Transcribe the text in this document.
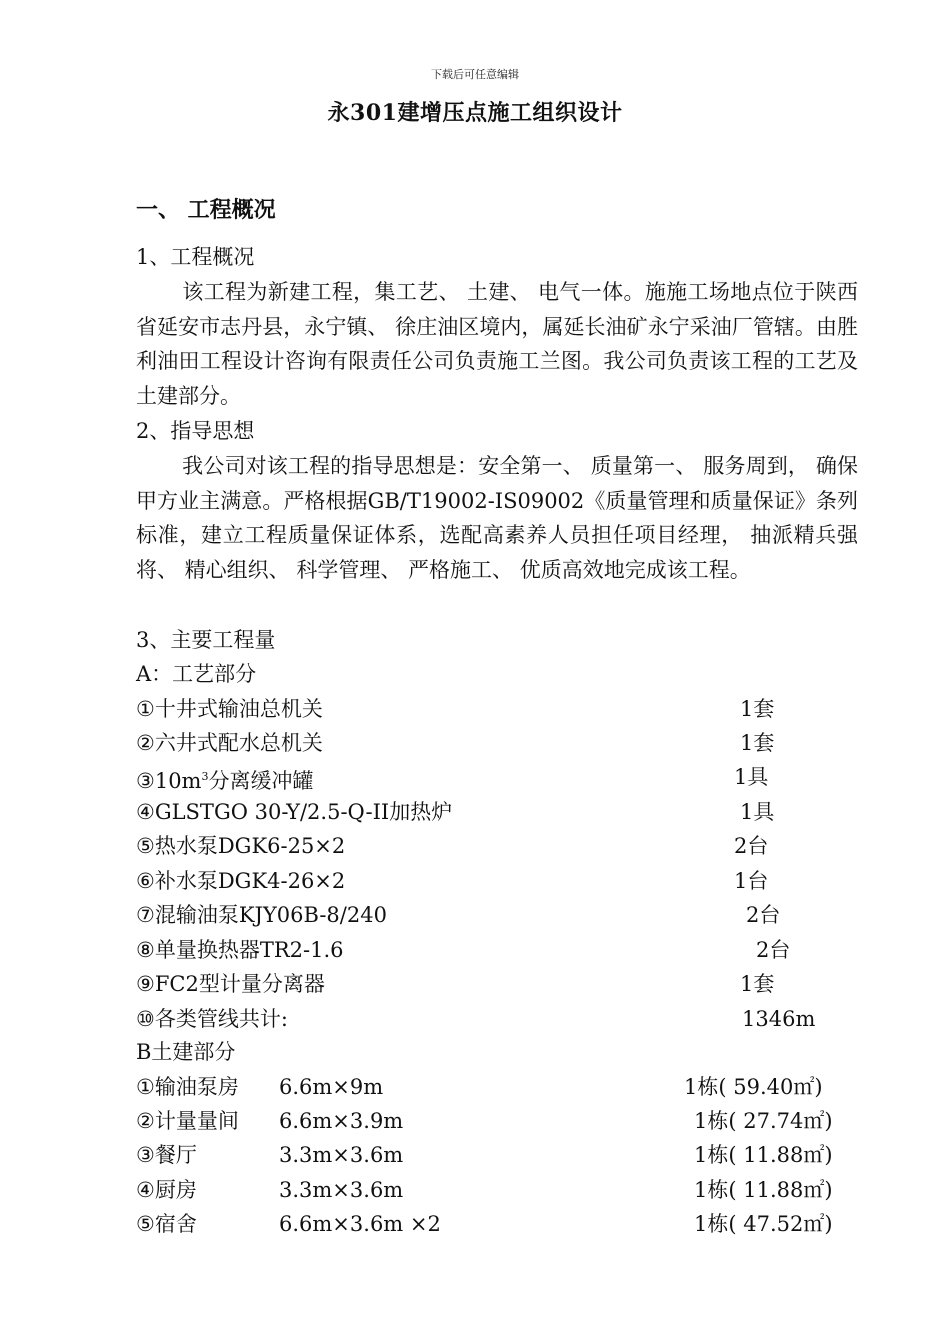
下载后可任意编辑
永301建增压点施工组织设计
一、 工程概况
1、工程概况

该工程为新建工程，集工艺、 土建、 电气一体。施施工场地点位于陕西省延安市志丹县，永宁镇、 徐庄油区境内，属延长油矿永宁采油厂管辖。由胜利油田工程设计咨询有限责任公司负责施工兰图。我公司负责该工程的工艺及土建部分。

2、指导思想

我公司对该工程的指导思想是：安全第一、 质量第一、 服务周到， 确保甲方业主满意。严格根据GB/T19002-IS09002《质量管理和质量保证》条列标准，建立工程质量保证体系，选配高素养人员担任项目经理， 抽派精兵强将、 精心组织、 科学管理、 严格施工、 优质高效地完成该工程。

3、主要工程量
A：工艺部分
①十井式输油总机关	1套
②六井式配水总机关	1套
$③10m^3$分离缓冲罐	1具
④GLSTGO 30-Y/2.5-Q-II加热炉	1具
⑤热水泵DGK6-25×2	2台
⑥补水泵DGK4-26×2	1台
⑦混输油泵KJY06B-8/240	2台
⑧单量换热器TR2-1.6	2台
⑨FC2型计量分离器	1套
⑩各类管线共计:	1346m
B土建部分
①输油泵房 6.6m×9m	1栋( 59.40㎡)
②计量量间 6.6m×3.9m	1栋( 27.74㎡)
③餐厅	3.3m×3.6m	1栋( 11.88㎡)
④厨房	3.3m×3.6m	1栋( 11.88㎡)
⑤宿舍	6.6m×3.6m ×2	1栋( 47.52㎡)
